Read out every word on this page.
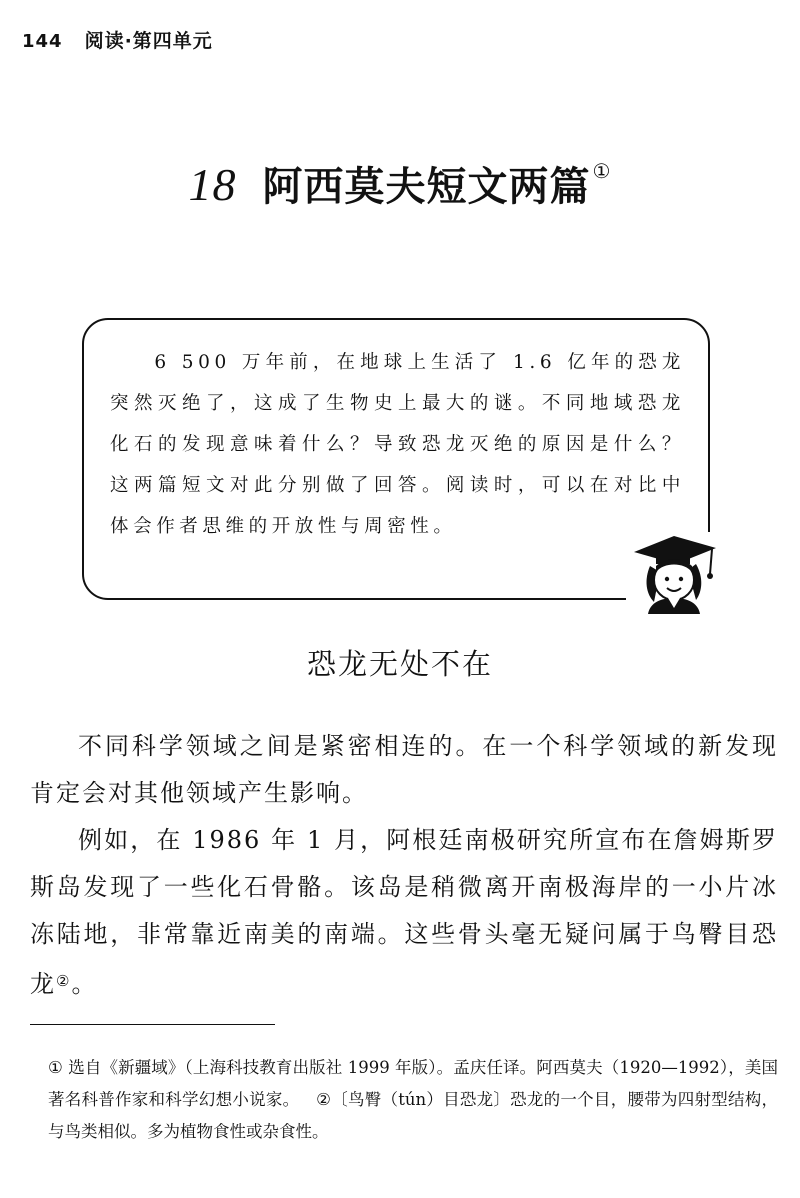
144 阅读·第四单元
18 阿西莫夫短文两篇 ①

6 500 万年前，在地球上生活了 1.6 亿年的恐龙突然灭绝了，这成了生物史上最大的谜。不同地域恐龙化石的发现意味着什么？导致恐龙灭绝的原因是什么？这两篇短文对此分别做了回答。阅读时，可以在对比中体会作者思维的开放性与周密性。

恐龙无处不在

不同科学领域之间是紧密相连的。在一个科学领域的新发现肯定会对其他领域产生影响。

例如，在 1986 年 1 月，阿根廷南极研究所宣布在詹姆斯罗斯岛发现了一些化石骨骼。该岛是稍微离开南极海岸的一小片冰冻陆地，非常靠近南美的南端。这些骨头毫无疑问属于鸟臀目恐龙②。

① 选自《新疆域》（上海科技教育出版社 1999 年版）。孟庆任译。阿西莫夫（1920—1992），美国著名科普作家和科学幻想小说家。  ②〔鸟臀（tún）目恐龙〕恐龙的一个目，腰带为四射型结构，与鸟类相似。多为植物食性或杂食性。
